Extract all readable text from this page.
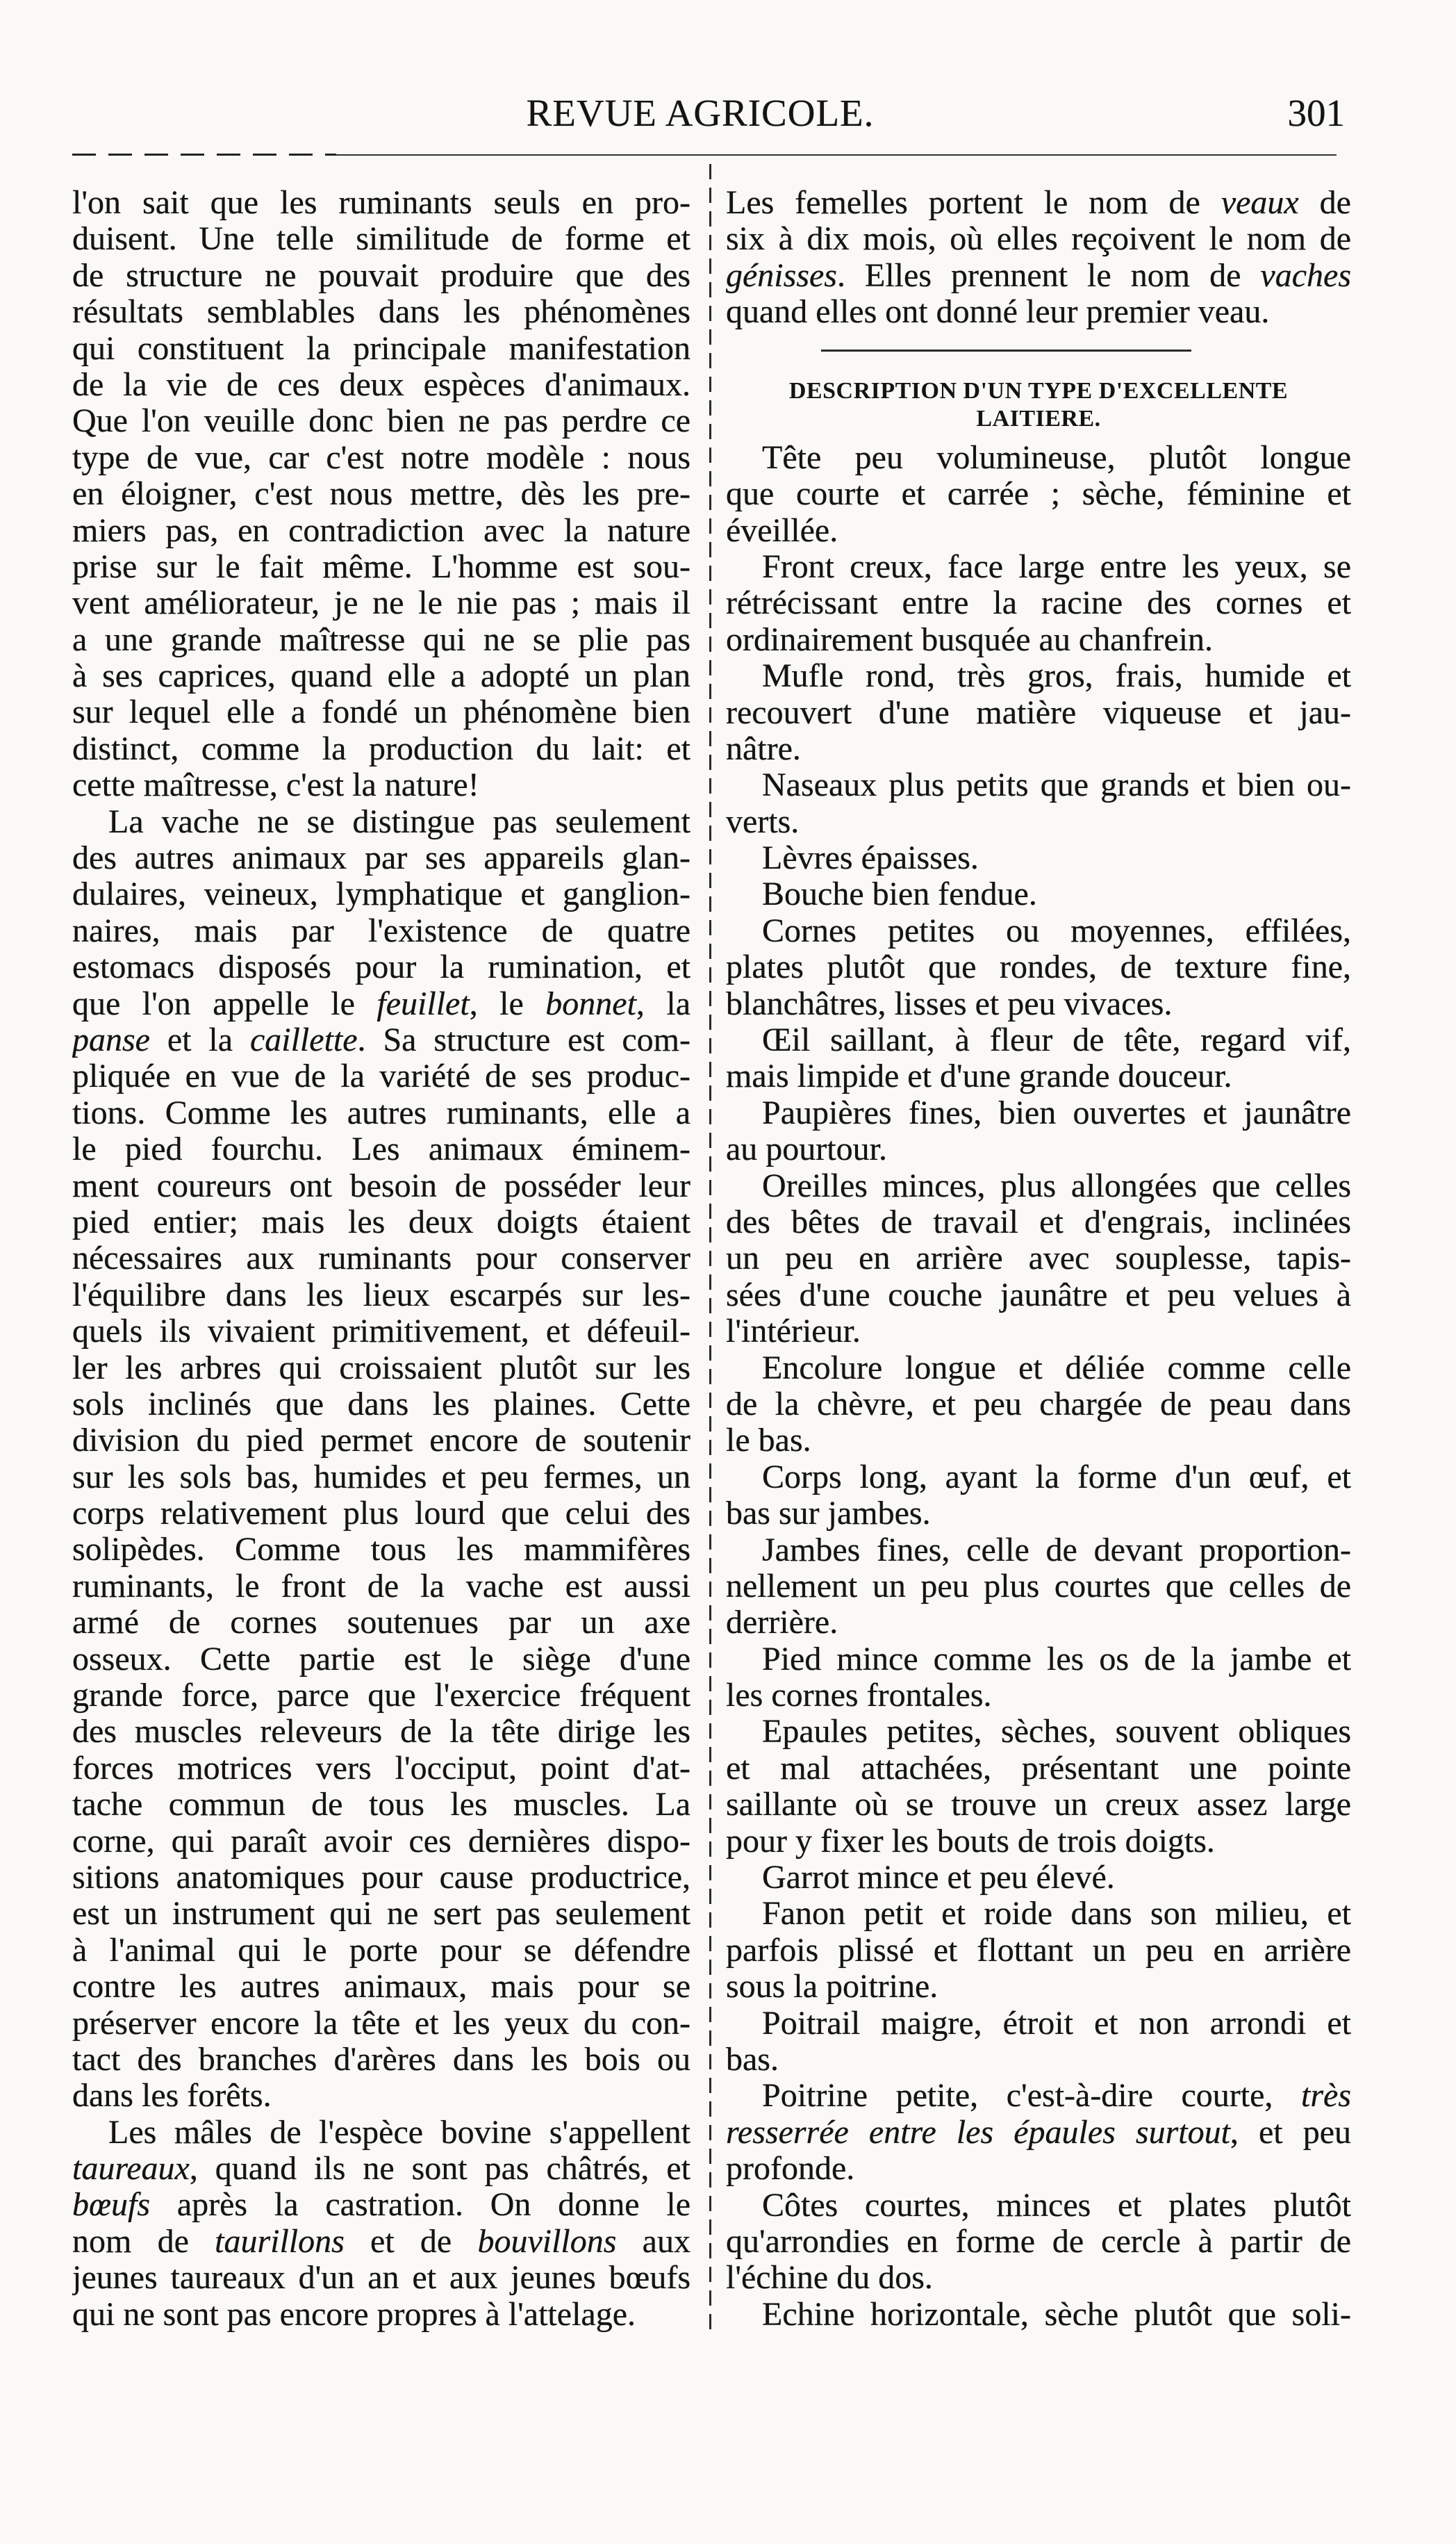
REVUE AGRICOLE.	301
l'on sait que les ruminants seuls en pro-
duisent. Une telle similitude de forme et
de structure ne pouvait produire que des
résultats semblables dans les phénomènes
qui constituent la principale manifestation
de la vie de ces deux espèces d'animaux.
Que l'on veuille donc bien ne pas perdre ce
type de vue, car c'est notre modèle : nous
en éloigner, c'est nous mettre, dès les pre-
miers pas, en contradiction avec la nature
prise sur le fait même. L'homme est sou-
vent améliorateur, je ne le nie pas ; mais il
a une grande maîtresse qui ne se plie pas
à ses caprices, quand elle a adopté un plan
sur lequel elle a fondé un phénomène bien
distinct, comme la production du lait: et
cette maîtresse, c'est la nature!
La vache ne se distingue pas seulement
des autres animaux par ses appareils glan-
dulaires, veineux, lymphatique et ganglion-
naires, mais par l'existence de quatre
estomacs disposés pour la rumination, et
que l'on appelle le feuillet, le bonnet, la
panse et la caillette. Sa structure est com-
pliquée en vue de la variété de ses produc-
tions. Comme les autres ruminants, elle a
le pied fourchu. Les animaux éminem-
ment coureurs ont besoin de posséder leur
pied entier; mais les deux doigts étaient
nécessaires aux ruminants pour conserver
l'équilibre dans les lieux escarpés sur les-
quels ils vivaient primitivement, et défeuil-
ler les arbres qui croissaient plutôt sur les
sols inclinés que dans les plaines. Cette
division du pied permet encore de soutenir
sur les sols bas, humides et peu fermes, un
corps relativement plus lourd que celui des
solipèdes. Comme tous les mammifères
ruminants, le front de la vache est aussi
armé de cornes soutenues par un axe
osseux. Cette partie est le siège d'une
grande force, parce que l'exercice fréquent
des muscles releveurs de la tête dirige les
forces motrices vers l'occiput, point d'at-
tache commun de tous les muscles. La
corne, qui paraît avoir ces dernières dispo-
sitions anatomiques pour cause productrice,
est un instrument qui ne sert pas seulement
à l'animal qui le porte pour se défendre
contre les autres animaux, mais pour se
préserver encore la tête et les yeux du con-
tact des branches d'arères dans les bois ou
dans les forêts.
Les mâles de l'espèce bovine s'appellent
taureaux, quand ils ne sont pas châtrés, et
bœufs après la castration. On donne le
nom de taurillons et de bouvillons aux
jeunes taureaux d'un an et aux jeunes bœufs
qui ne sont pas encore propres à l'attelage.
Les femelles portent le nom de veaux de
six à dix mois, où elles reçoivent le nom de
génisses. Elles prennent le nom de vaches
quand elles ont donné leur premier veau.
DESCRIPTION D'UN TYPE D'EXCELLENTE
LAITIERE.
Tête peu volumineuse, plutôt longue
que courte et carrée ; sèche, féminine et
éveillée.
Front creux, face large entre les yeux, se
rétrécissant entre la racine des cornes et
ordinairement busquée au chanfrein.
Mufle rond, très gros, frais, humide et
recouvert d'une matière viqueuse et jau-
nâtre.
Naseaux plus petits que grands et bien ou-
verts.
Lèvres épaisses.
Bouche bien fendue.
Cornes petites ou moyennes, effilées,
plates plutôt que rondes, de texture fine,
blanchâtres, lisses et peu vivaces.
Œil saillant, à fleur de tête, regard vif,
mais limpide et d'une grande douceur.
Paupières fines, bien ouvertes et jaunâtre
au pourtour.
Oreilles minces, plus allongées que celles
des bêtes de travail et d'engrais, inclinées
un peu en arrière avec souplesse, tapis-
sées d'une couche jaunâtre et peu velues à
l'intérieur.
Encolure longue et déliée comme celle
de la chèvre, et peu chargée de peau dans
le bas.
Corps long, ayant la forme d'un œuf, et
bas sur jambes.
Jambes fines, celle de devant proportion-
nellement un peu plus courtes que celles de
derrière.
Pied mince comme les os de la jambe et
les cornes frontales.
Epaules petites, sèches, souvent obliques
et mal attachées, présentant une pointe
saillante où se trouve un creux assez large
pour y fixer les bouts de trois doigts.
Garrot mince et peu élevé.
Fanon petit et roide dans son milieu, et
parfois plissé et flottant un peu en arrière
sous la poitrine.
Poitrail maigre, étroit et non arrondi et
bas.
Poitrine petite, c'est-à-dire courte, très
resserrée entre les épaules surtout, et peu
profonde.
Côtes courtes, minces et plates plutôt
qu'arrondies en forme de cercle à partir de
l'échine du dos.
Echine horizontale, sèche plutôt que soli-
